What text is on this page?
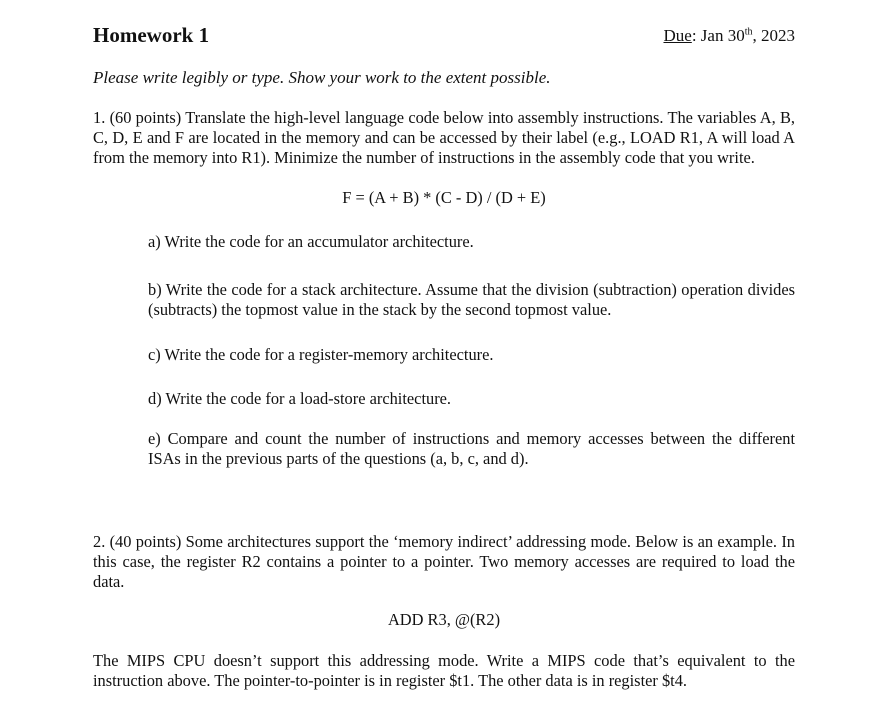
Homework 1	Due: Jan 30th, 2023
Please write legibly or type. Show your work to the extent possible.
1. (60 points) Translate the high-level language code below into assembly instructions. The variables A, B, C, D, E and F are located in the memory and can be accessed by their label (e.g., LOAD R1, A will load A from the memory into R1). Minimize the number of instructions in the assembly code that you write.
F = (A + B) * (C - D) / (D + E)
a) Write the code for an accumulator architecture.
b) Write the code for a stack architecture. Assume that the division (subtraction) operation divides (subtracts) the topmost value in the stack by the second topmost value.
c) Write the code for a register-memory architecture.
d) Write the code for a load-store architecture.
e) Compare and count the number of instructions and memory accesses between the different ISAs in the previous parts of the questions (a, b, c, and d).
2. (40 points) Some architectures support the ‘memory indirect’ addressing mode. Below is an example. In this case, the register R2 contains a pointer to a pointer. Two memory accesses are required to load the data.
ADD R3, @(R2)
The MIPS CPU doesn’t support this addressing mode. Write a MIPS code that’s equivalent to the instruction above. The pointer-to-pointer is in register $t1. The other data is in register $t4.
